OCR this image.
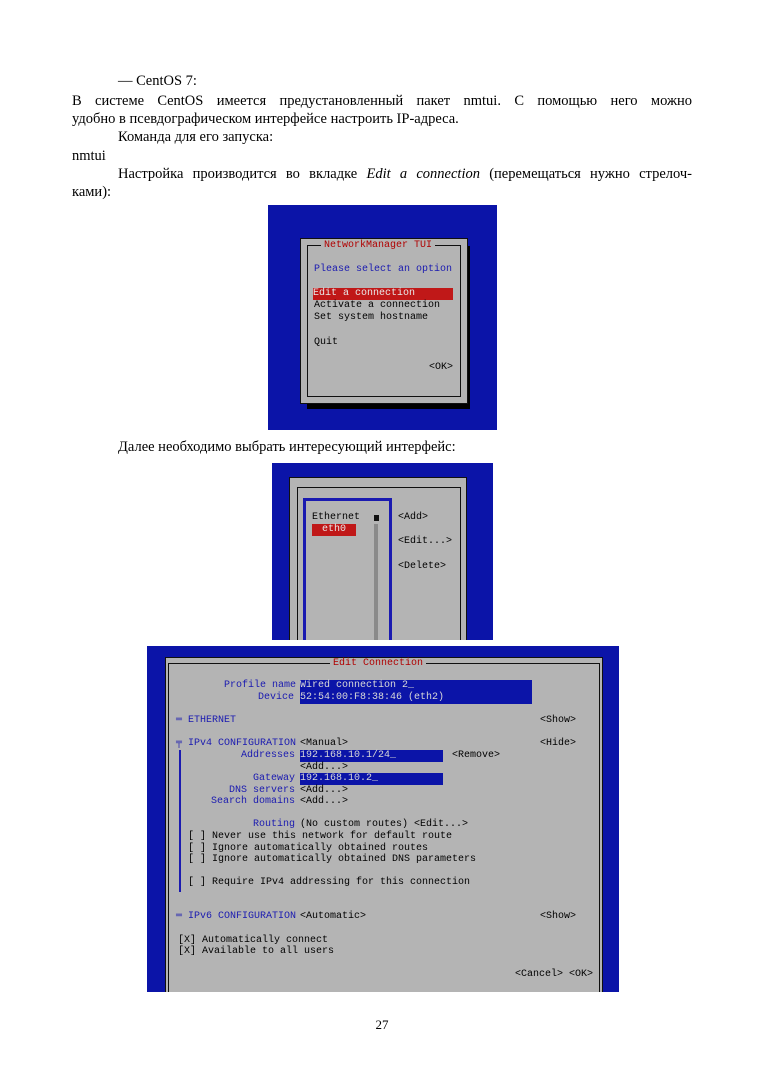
— CentOS 7:
В системе CentOS имеется предустановленный пакет nmtui. С помощью него можно
удобно в псевдографическом интерфейсе настроить IP-адреса.
Команда для его запуска:
nmtui
Настройка производится во вкладке Edit a connection (перемещаться нужно стрелоч-
ками):
NetworkManager TUI
Please select an option
Edit a connection
Activate a connection
Set system hostname
Quit
<OK>
Далее необходимо выбрать интересующий интерфейс:
Ethernet
eth0
<Add>
<Edit...>
<Delete>
Edit Connection
Profile name Wired connection 2_
Device 52:54:00:F8:38:46 (eth2)
═ ETHERNET	<Show>
╤ IPv4 CONFIGURATION <Manual>	<Hide>
Addresses 192.168.10.1/24_	<Remove>
<Add...>
Gateway 192.168.10.2_
DNS servers <Add...>
Search domains <Add...>
Routing (No custom routes) <Edit...>
[ ] Never use this network for default route
[ ] Ignore automatically obtained routes
[ ] Ignore automatically obtained DNS parameters
[ ] Require IPv4 addressing for this connection
═ IPv6 CONFIGURATION <Automatic>	<Show>
[X] Automatically connect
[X] Available to all users
<Cancel> <OK>
27
